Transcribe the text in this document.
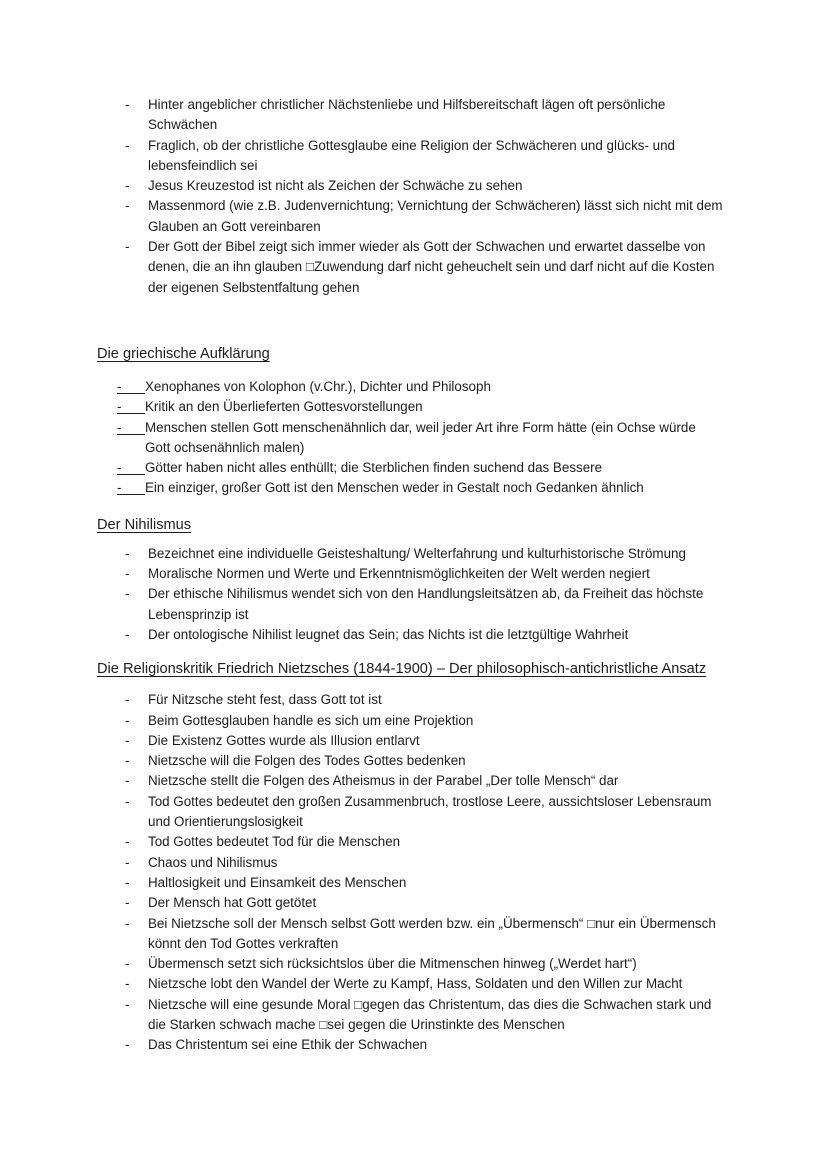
-	Hinter angeblicher christlicher Nächstenliebe und Hilfsbereitschaft lägen oft persönliche Schwächen
-	Fraglich, ob der christliche Gottesglaube eine Religion der Schwächeren und glücks- und lebensfeindlich sei
-	Jesus Kreuzestod ist nicht als Zeichen der Schwäche zu sehen
-	Massenmord (wie z.B. Judenvernichtung; Vernichtung der Schwächeren) lässt sich nicht mit dem Glauben an Gott vereinbaren
-	Der Gott der Bibel zeigt sich immer wieder als Gott der Schwachen und erwartet dasselbe von denen, die an ihn glauben □Zuwendung darf nicht geheuchelt sein und darf nicht auf die Kosten der eigenen Selbstentfaltung gehen
Die griechische Aufklärung
-	Xenophanes von Kolophon (v.Chr.), Dichter und Philosoph
-	Kritik an den Überlieferten Gottesvorstellungen
-	Menschen stellen Gott menschenähnlich dar, weil jeder Art ihre Form hätte (ein Ochse würde Gott ochsenähnlich malen)
-	Götter haben nicht alles enthüllt; die Sterblichen finden suchend das Bessere
-	Ein einziger, großer Gott ist den Menschen weder in Gestalt noch Gedanken ähnlich
Der Nihilismus
-	Bezeichnet eine individuelle Geisteshaltung/ Welterfahrung und kulturhistorische Strömung
-	Moralische Normen und Werte und Erkenntnismöglichkeiten der Welt werden negiert
-	Der ethische Nihilismus wendet sich von den Handlungsleitsätzen ab, da Freiheit das höchste Lebensprinzip ist
-	Der ontologische Nihilist leugnet das Sein; das Nichts ist die letztgültige Wahrheit
Die Religionskritik Friedrich Nietzsches (1844-1900) – Der philosophisch-antichristliche Ansatz
-	Für Nitzsche steht fest, dass Gott tot ist
-	Beim Gottesglauben handle es sich um eine Projektion
-	Die Existenz Gottes wurde als Illusion entlarvt
-	Nietzsche will die Folgen des Todes Gottes bedenken
-	Nietzsche stellt die Folgen des Atheismus in der Parabel „Der tolle Mensch“ dar
-	Tod Gottes bedeutet den großen Zusammenbruch, trostlose Leere, aussichtsloser Lebensraum und Orientierungslosigkeit
-	Tod Gottes bedeutet Tod für die Menschen
-	Chaos und Nihilismus
-	Haltlosigkeit und Einsamkeit des Menschen
-	Der Mensch hat Gott getötet
-	Bei Nietzsche soll der Mensch selbst Gott werden bzw. ein „Übermensch“ □nur ein Übermensch könnt den Tod Gottes verkraften
-	Übermensch setzt sich rücksichtslos über die Mitmenschen hinweg („Werdet hart“)
-	Nietzsche lobt den Wandel der Werte zu Kampf, Hass, Soldaten und den Willen zur Macht
-	Nietzsche will eine gesunde Moral □gegen das Christentum, das dies die Schwachen stark und die Starken schwach mache □sei gegen die Urinstinkte des Menschen
-	Das Christentum sei eine Ethik der Schwachen
